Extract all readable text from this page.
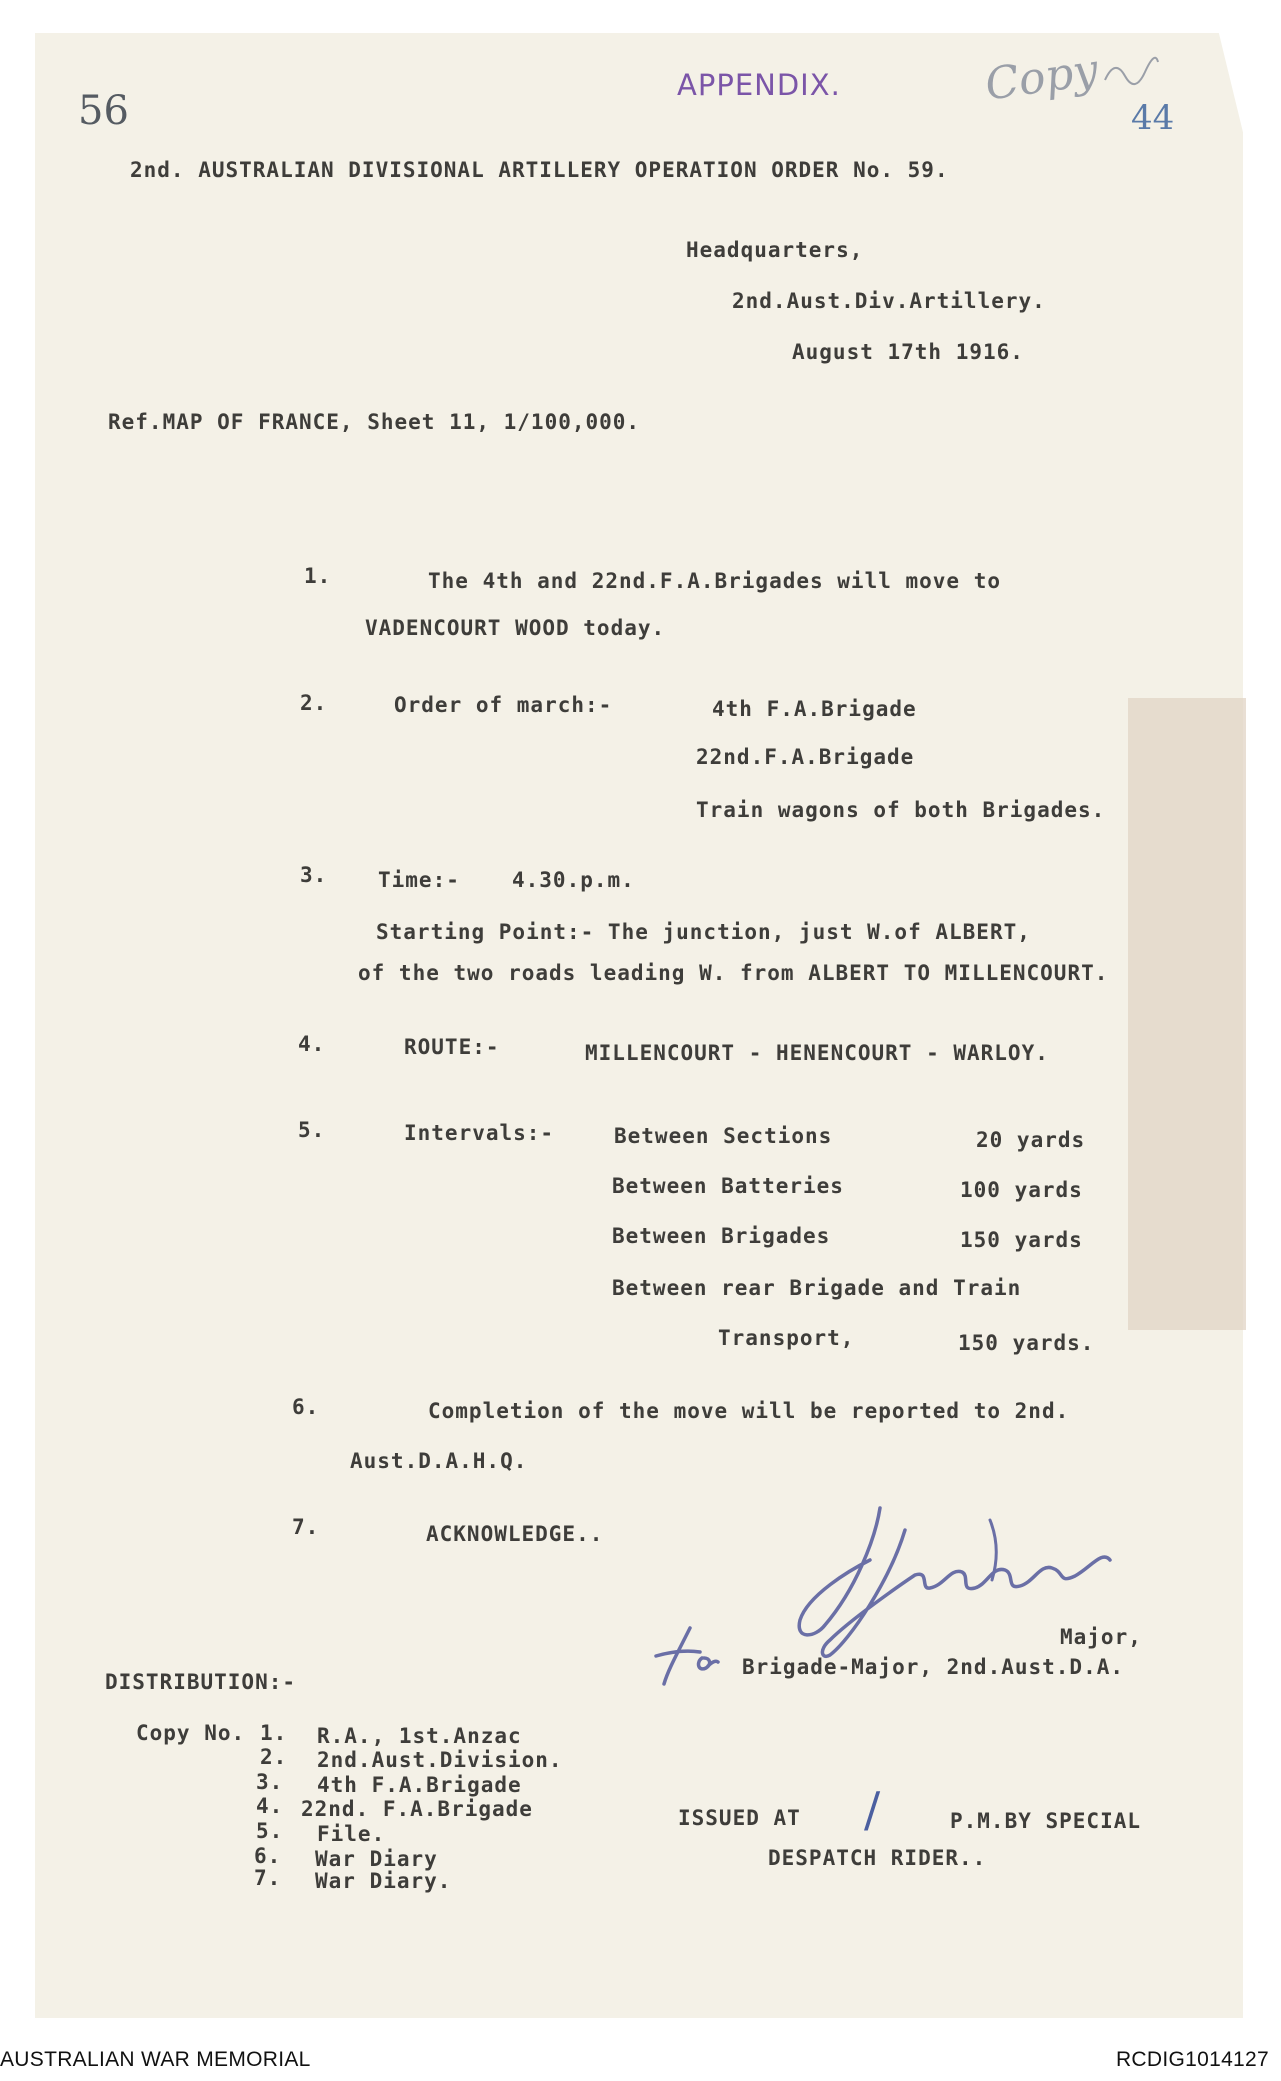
56
APPENDIX.	Copy
44
2nd. AUSTRALIAN DIVISIONAL ARTILLERY OPERATION ORDER No. 59.
Headquarters,
2nd.Aust.Div.Artillery.
August 17th 1916.
Ref.MAP OF FRANCE, Sheet 11, 1/100,000.
1.	The 4th and 22nd.F.A.Brigades will move to
VADENCOURT WOOD today.
2.	Order of march:-	4th F.A.Brigade
22nd.F.A.Brigade
Train wagons of both Brigades.
3. Time:- 4.30.p.m.
Starting Point:- The junction, just W.of ALBERT,
of the two roads leading W. from ALBERT TO MILLENCOURT.
4.	ROUTE:-	MILLENCOURT - HENENCOURT - WARLOY.
5.	Intervals:-	Between Sections	20 yards
Between Batteries	100 yards
Between Brigades	150 yards
Between rear Brigade and Train
Transport,	150 yards.
6.	Completion of the move will be reported to 2nd.
Aust.D.A.H.Q.
7.	ACKNOWLEDGE..
Major,
Brigade-Major, 2nd.Aust.D.A.
DISTRIBUTION:-
Copy No. 1. R.A., 1st.Anzac
2. 2nd.Aust.Division.
3. 4th F.A.Brigade
4. 22nd. F.A.Brigade
5. File.
6. War Diary
7. War Diary.
ISSUED AT /	P.M.BY SPECIAL
DESPATCH RIDER..
AUSTRALIAN WAR MEMORIAL	RCDIG1014127
